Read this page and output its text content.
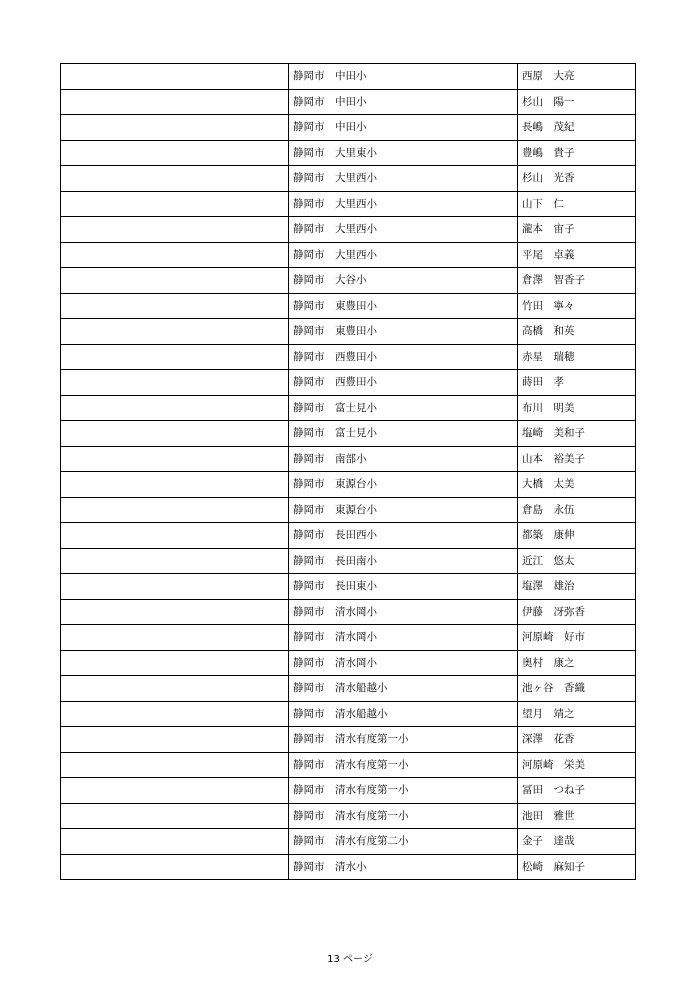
	静岡市　中田小	西原　大亮
	静岡市　中田小	杉山　陽一
	静岡市　中田小	長嶋　茂紀
	静岡市　大里東小	豊嶋　貴子
	静岡市　大里西小	杉山　光香
	静岡市　大里西小	山下　仁
	静岡市　大里西小	瀧本　宙子
	静岡市　大里西小	平尾　卓義
	静岡市　大谷小	倉澤　智香子
	静岡市　東豊田小	竹田　寧々
	静岡市　東豊田小	高橋　和英
	静岡市　西豊田小	赤星　瑞穂
	静岡市　西豊田小	蒔田　孝
	静岡市　富士見小	布川　明美
	静岡市　富士見小	塩崎　美和子
	静岡市　南部小	山本　裕美子
	静岡市　東源台小	大橋　太美
	静岡市　東源台小	倉島　永伍
	静岡市　長田西小	都築　康伸
	静岡市　長田南小	近江　悠太
	静岡市　長田東小	塩澤　雄治
	静岡市　清水岡小	伊藤　冴弥香
	静岡市　清水岡小	河原崎　好市
	静岡市　清水岡小	奥村　康之
	静岡市　清水船越小	池ヶ谷　香織
	静岡市　清水船越小	望月　靖之
	静岡市　清水有度第一小	深澤　花香
	静岡市　清水有度第一小	河原崎　栄美
	静岡市　清水有度第一小	冨田　つね子
	静岡市　清水有度第一小	池田　雅世
	静岡市　清水有度第二小	金子　達哉
	静岡市　清水小	松崎　麻知子
13 ページ
